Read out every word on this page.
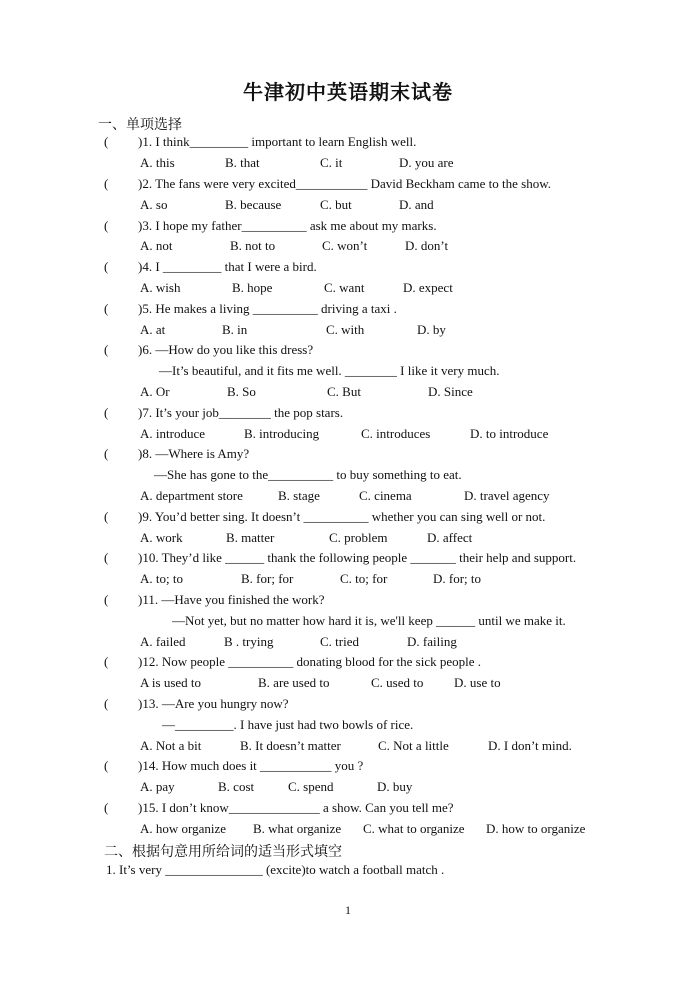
牛津初中英语期末试卷
一、单项选择
( )1. I think_________ important to learn English well.
A. this	B. that	C. it	D. you are
( )2. The fans were very excited___________ David Beckham came to the show.
A. so	B. because	C. but	D. and
( )3. I hope my father__________ ask me about my marks.
A. not	B. not to	C. won’t	D. don’t
( )4. I _________ that I were a bird.
A. wish	B. hope	C. want	D. expect
( )5. He makes a living __________ driving a taxi .
A. at	B. in	C. with	D. by
( )6. —How do you like this dress?
—It’s beautiful, and it fits me well. ________ I like it very much.
A. Or	B. So	C. But	D. Since
( )7. It’s your job________ the pop stars.
A. introduce	B. introducing	C. introduces	D. to introduce
( )8. —Where is Amy?
—She has gone to the__________ to buy something to eat.
A. department store	B. stage	C. cinema	D. travel agency
( )9. You’d better sing. It doesn’t __________ whether you can sing well or not.
A. work	B. matter	C. problem	D. affect
( )10. They’d like ______ thank the following people _______ their help and support.
A. to; to	B. for; for	C. to; for	D. for; to
( )11. —Have you finished the work?
—Not yet, but no matter how hard it is, we'll keep ______ until we make it.
A. failed	B . trying	C. tried	D. failing
( )12. Now people __________ donating blood for the sick people .
A is used to	B. are used to	C. used to D. use to
( )13. —Are you hungry now?
—_________. I have just had two bowls of rice.
A. Not a bit	B. It doesn’t matter	C. Not a little	D. I don’t mind.
( )14. How much does it ___________ you ?
A. pay	B. cost	C. spend	D. buy
( )15. I don’t know______________ a show. Can you tell me?
A. how organize B. what organize C. what to organize D. how to organize
二、根据句意用所给词的适当形式填空
1. It’s very _______________ (excite)to watch a football match .
1
